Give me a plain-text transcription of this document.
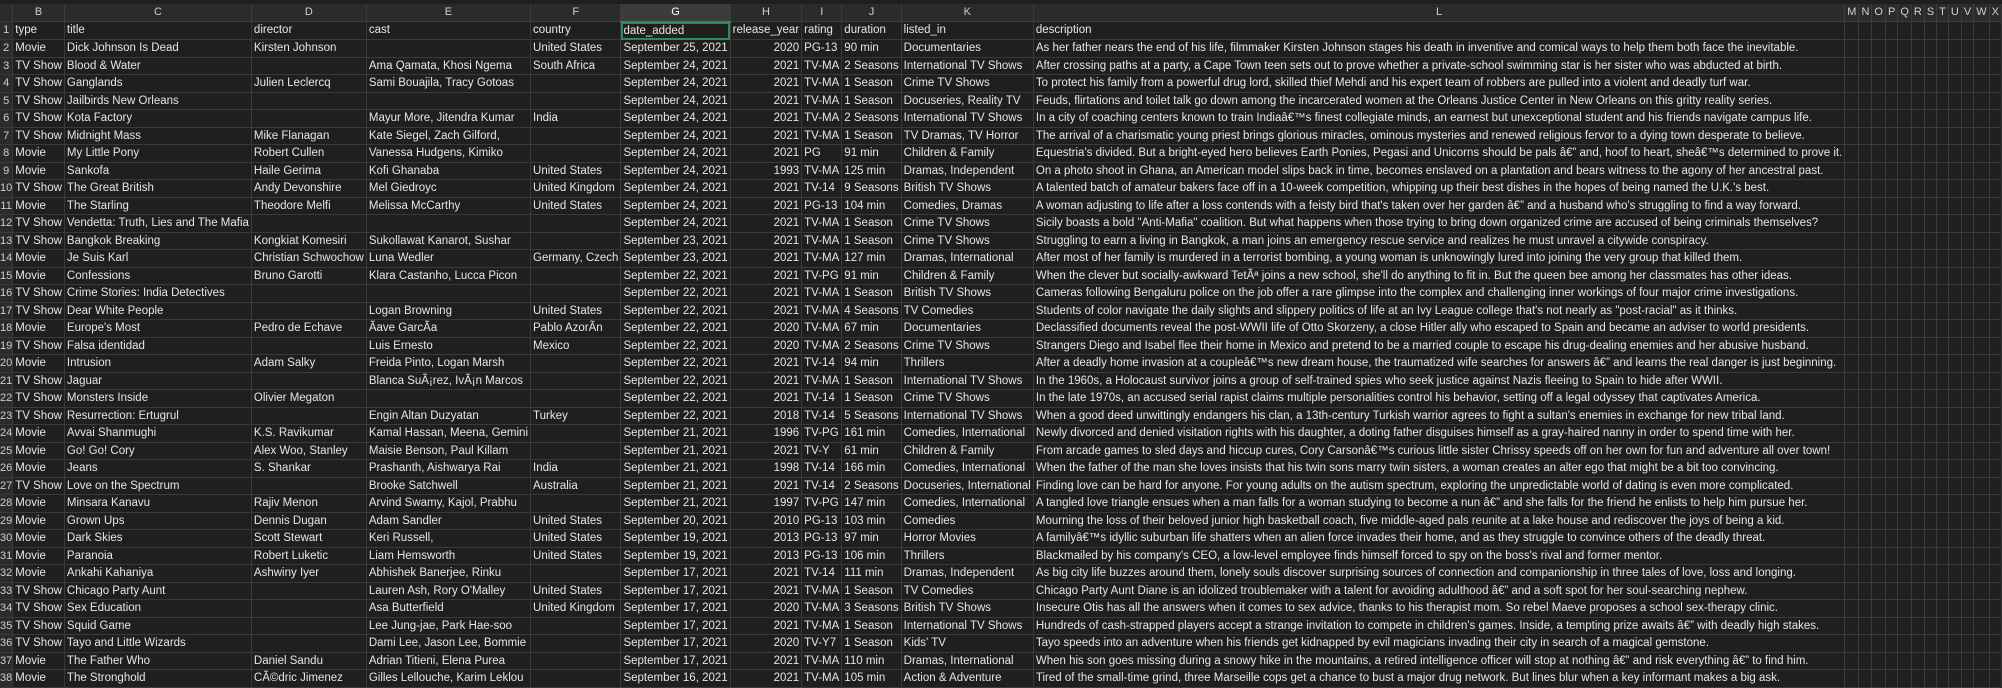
	B	C	D	E	F	G	H	I	J	K	L	M	N	O	P	Q	R	S	T	U	V	W	X
1	type	title	director	cast	country	date_added	release_year	rating	duration	listed_in	description												
2	Movie	Dick Johnson Is Dead	Kirsten Johnson		United States	September 25, 2021	2020	PG-13	90 min	Documentaries	As her father nears the end of his life, filmmaker Kirsten Johnson stages his death in inventive and comical ways to help them both face the inevitable.												
3	TV Show	Blood & Water		Ama Qamata, Khosi Ngema	South Africa	September 24, 2021	2021	TV-MA	2 Seasons	International TV Shows	After crossing paths at a party, a Cape Town teen sets out to prove whether a private-school swimming star is her sister who was abducted at birth.												
4	TV Show	Ganglands	Julien Leclercq	Sami Bouajila, Tracy Gotoas		September 24, 2021	2021	TV-MA	1 Season	Crime TV Shows	To protect his family from a powerful drug lord, skilled thief Mehdi and his expert team of robbers are pulled into a violent and deadly turf war.												
5	TV Show	Jailbirds New Orleans				September 24, 2021	2021	TV-MA	1 Season	Docuseries, Reality TV	Feuds, flirtations and toilet talk go down among the incarcerated women at the Orleans Justice Center in New Orleans on this gritty reality series.												
6	TV Show	Kota Factory		Mayur More, Jitendra Kumar	India	September 24, 2021	2021	TV-MA	2 Seasons	International TV Shows	In a city of coaching centers known to train Indiaâ€™s finest collegiate minds, an earnest but unexceptional student and his friends navigate campus life.												
7	TV Show	Midnight Mass	Mike Flanagan	Kate Siegel, Zach Gilford,		September 24, 2021	2021	TV-MA	1 Season	TV Dramas, TV Horror	The arrival of a charismatic young priest brings glorious miracles, ominous mysteries and renewed religious fervor to a dying town desperate to believe.												
8	Movie	My Little Pony	Robert Cullen	Vanessa Hudgens, Kimiko		September 24, 2021	2021	PG	91 min	Children & Family	Equestria's divided. But a bright-eyed hero believes Earth Ponies, Pegasi and Unicorns should be pals â€” and, hoof to heart, sheâ€™s determined to prove it.												
9	Movie	Sankofa	Haile Gerima	Kofi Ghanaba	United States	September 24, 2021	1993	TV-MA	125 min	Dramas, Independent	On a photo shoot in Ghana, an American model slips back in time, becomes enslaved on a plantation and bears witness to the agony of her ancestral past.												
10	TV Show	The Great British	Andy Devonshire	Mel Giedroyc	United Kingdom	September 24, 2021	2021	TV-14	9 Seasons	British TV Shows	A talented batch of amateur bakers face off in a 10-week competition, whipping up their best dishes in the hopes of being named the U.K.'s best.												
11	Movie	The Starling	Theodore Melfi	Melissa McCarthy	United States	September 24, 2021	2021	PG-13	104 min	Comedies, Dramas	A woman adjusting to life after a loss contends with a feisty bird that's taken over her garden â€” and a husband who's struggling to find a way forward.												
12	TV Show	Vendetta: Truth, Lies and The Mafia				September 24, 2021	2021	TV-MA	1 Season	Crime TV Shows	Sicily boasts a bold "Anti-Mafia" coalition. But what happens when those trying to bring down organized crime are accused of being criminals themselves?												
13	TV Show	Bangkok Breaking	Kongkiat Komesiri	Sukollawat Kanarot, Sushar		September 23, 2021	2021	TV-MA	1 Season	Crime TV Shows	Struggling to earn a living in Bangkok, a man joins an emergency rescue service and realizes he must unravel a citywide conspiracy.												
14	Movie	Je Suis Karl	Christian Schwochow	Luna Wedler	Germany, Czech	September 23, 2021	2021	TV-MA	127 min	Dramas, International	After most of her family is murdered in a terrorist bombing, a young woman is unknowingly lured into joining the very group that killed them.												
15	Movie	Confessions	Bruno Garotti	Klara Castanho, Lucca Picon		September 22, 2021	2021	TV-PG	91 min	Children & Family	When the clever but socially-awkward TetÃª joins a new school, she'll do anything to fit in. But the queen bee among her classmates has other ideas.												
16	TV Show	Crime Stories: India Detectives				September 22, 2021	2021	TV-MA	1 Season	British TV Shows	Cameras following Bengaluru police on the job offer a rare glimpse into the complex and challenging inner workings of four major crime investigations.												
17	TV Show	Dear White People		Logan Browning	United States	September 22, 2021	2021	TV-MA	4 Seasons	TV Comedies	Students of color navigate the daily slights and slippery politics of life at an Ivy League college that's not nearly as "post-racial" as it thinks.												
18	Movie	Europe's Most	Pedro de Echave	Ãave GarcÃa	Pablo AzorÃn	September 22, 2021	2020	TV-MA	67 min	Documentaries	Declassified documents reveal the post-WWII life of Otto Skorzeny, a close Hitler ally who escaped to Spain and became an adviser to world presidents.												
19	TV Show	Falsa identidad		Luis Ernesto	Mexico	September 22, 2021	2020	TV-MA	2 Seasons	Crime TV Shows	Strangers Diego and Isabel flee their home in Mexico and pretend to be a married couple to escape his drug-dealing enemies and her abusive husband.												
20	Movie	Intrusion	Adam Salky	Freida Pinto, Logan Marsh		September 22, 2021	2021	TV-14	94 min	Thrillers	After a deadly home invasion at a coupleâ€™s new dream house, the traumatized wife searches for answers â€” and learns the real danger is just beginning.												
21	TV Show	Jaguar		Blanca SuÃ¡rez, IvÃ¡n Marcos		September 22, 2021	2021	TV-MA	1 Season	International TV Shows	In the 1960s, a Holocaust survivor joins a group of self-trained spies who seek justice against Nazis fleeing to Spain to hide after WWII.												
22	TV Show	Monsters Inside	Olivier Megaton			September 22, 2021	2021	TV-14	1 Season	Crime TV Shows	In the late 1970s, an accused serial rapist claims multiple personalities control his behavior, setting off a legal odyssey that captivates America.												
23	TV Show	Resurrection: Ertugrul		Engin Altan Duzyatan	Turkey	September 22, 2021	2018	TV-14	5 Seasons	International TV Shows	When a good deed unwittingly endangers his clan, a 13th-century Turkish warrior agrees to fight a sultan's enemies in exchange for new tribal land.												
24	Movie	Avvai Shanmughi	K.S. Ravikumar	Kamal Hassan, Meena, Gemini		September 21, 2021	1996	TV-PG	161 min	Comedies, International	Newly divorced and denied visitation rights with his daughter, a doting father disguises himself as a gray-haired nanny in order to spend time with her.												
25	Movie	Go! Go! Cory	Alex Woo, Stanley	Maisie Benson, Paul Killam		September 21, 2021	2021	TV-Y	61 min	Children & Family	From arcade games to sled days and hiccup cures, Cory Carsonâ€™s curious little sister Chrissy speeds off on her own for fun and adventure all over town!												
26	Movie	Jeans	S. Shankar	Prashanth, Aishwarya Rai	India	September 21, 2021	1998	TV-14	166 min	Comedies, International	When the father of the man she loves insists that his twin sons marry twin sisters, a woman creates an alter ego that might be a bit too convincing.												
27	TV Show	Love on the Spectrum		Brooke Satchwell	Australia	September 21, 2021	2021	TV-14	2 Seasons	Docuseries, International	Finding love can be hard for anyone. For young adults on the autism spectrum, exploring the unpredictable world of dating is even more complicated.												
28	Movie	Minsara Kanavu	Rajiv Menon	Arvind Swamy, Kajol, Prabhu		September 21, 2021	1997	TV-PG	147 min	Comedies, International	A tangled love triangle ensues when a man falls for a woman studying to become a nun â€” and she falls for the friend he enlists to help him pursue her.												
29	Movie	Grown Ups	Dennis Dugan	Adam Sandler	United States	September 20, 2021	2010	PG-13	103 min	Comedies	Mourning the loss of their beloved junior high basketball coach, five middle-aged pals reunite at a lake house and rediscover the joys of being a kid.												
30	Movie	Dark Skies	Scott Stewart	Keri Russell,	United States	September 19, 2021	2013	PG-13	97 min	Horror Movies	A familyâ€™s idyllic suburban life shatters when an alien force invades their home, and as they struggle to convince others of the deadly threat.												
31	Movie	Paranoia	Robert Luketic	Liam Hemsworth	United States	September 19, 2021	2013	PG-13	106 min	Thrillers	Blackmailed by his company's CEO, a low-level employee finds himself forced to spy on the boss's rival and former mentor.												
32	Movie	Ankahi Kahaniya	Ashwiny Iyer	Abhishek Banerjee, Rinku		September 17, 2021	2021	TV-14	111 min	Dramas, Independent	As big city life buzzes around them, lonely souls discover surprising sources of connection and companionship in three tales of love, loss and longing.												
33	TV Show	Chicago Party Aunt		Lauren Ash, Rory O'Malley	United States	September 17, 2021	2021	TV-MA	1 Season	TV Comedies	Chicago Party Aunt Diane is an idolized troublemaker with a talent for avoiding adulthood â€” and a soft spot for her soul-searching nephew.												
34	TV Show	Sex Education		Asa Butterfield	United Kingdom	September 17, 2021	2020	TV-MA	3 Seasons	British TV Shows	Insecure Otis has all the answers when it comes to sex advice, thanks to his therapist mom. So rebel Maeve proposes a school sex-therapy clinic.												
35	TV Show	Squid Game		Lee Jung-jae, Park Hae-soo		September 17, 2021	2021	TV-MA	1 Season	International TV Shows	Hundreds of cash-strapped players accept a strange invitation to compete in children's games. Inside, a tempting prize awaits â€” with deadly high stakes.												
36	TV Show	Tayo and Little Wizards		Dami Lee, Jason Lee, Bommie		September 17, 2021	2020	TV-Y7	1 Season	Kids' TV	Tayo speeds into an adventure when his friends get kidnapped by evil magicians invading their city in search of a magical gemstone.												
37	Movie	The Father Who	Daniel Sandu	Adrian Titieni, Elena Purea		September 17, 2021	2021	TV-MA	110 min	Dramas, International	When his son goes missing during a snowy hike in the mountains, a retired intelligence officer will stop at nothing â€” and risk everything â€” to find him.												
38	Movie	The Stronghold	CÃ©dric Jimenez	Gilles Lellouche, Karim Leklou		September 16, 2021	2021	TV-MA	105 min	Action & Adventure	Tired of the small-time grind, three Marseille cops get a chance to bust a major drug network. But lines blur when a key informant makes a big ask.												
